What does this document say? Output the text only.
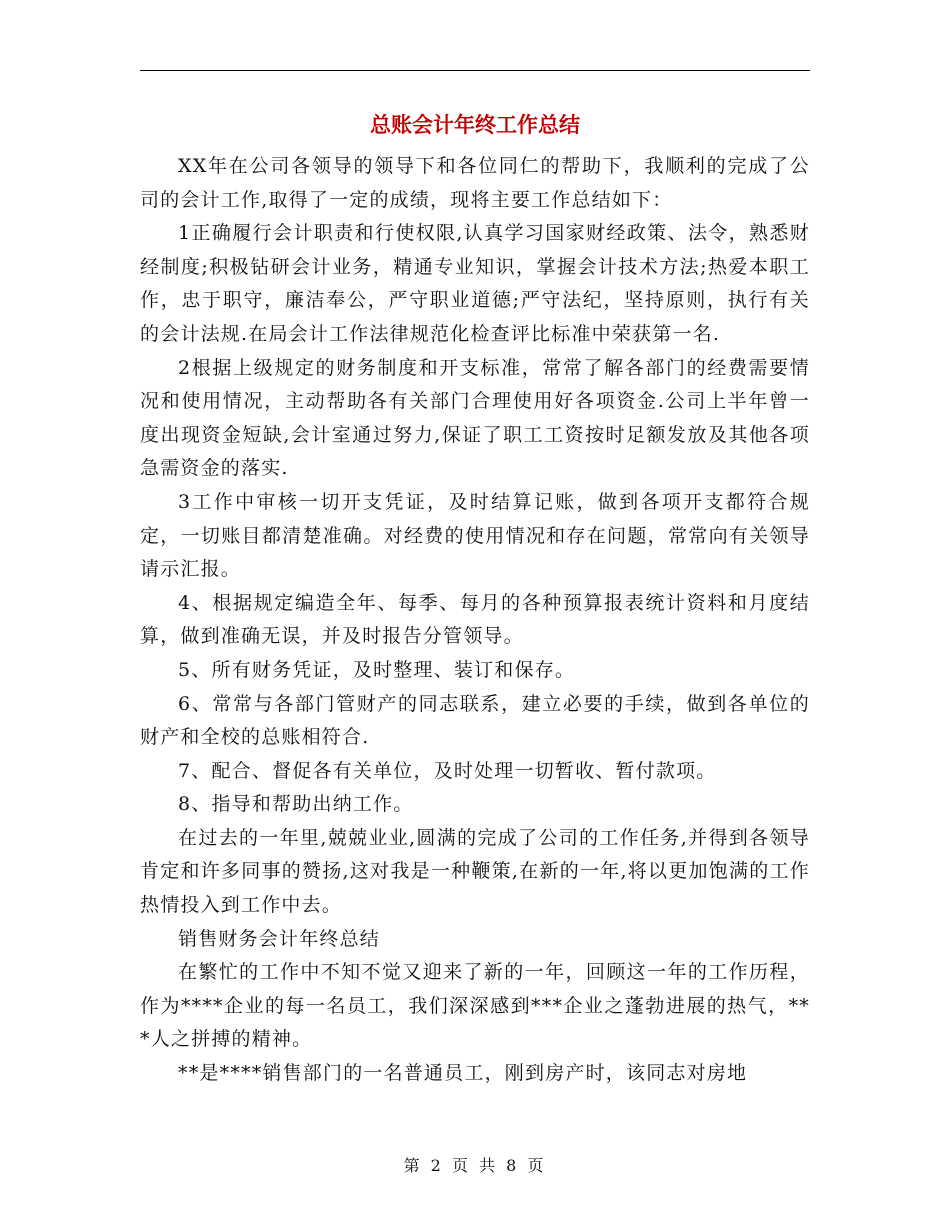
总账会计年终工作总结

XX年在公司各领导的领导下和各位同仁的帮助下，我顺利的完成了公司的会计工作,取得了一定的成绩，现将主要工作总结如下：

1正确履行会计职责和行使权限,认真学习国家财经政策、法令，熟悉财经制度;积极钻研会计业务，精通专业知识，掌握会计技术方法;热爱本职工作，忠于职守，廉洁奉公，严守职业道德;严守法纪，坚持原则，执行有关的会计法规.在局会计工作法律规范化检查评比标准中荣获第一名.

2根据上级规定的财务制度和开支标准，常常了解各部门的经费需要情况和使用情况，主动帮助各有关部门合理使用好各项资金.公司上半年曾一度出现资金短缺,会计室通过努力,保证了职工工资按时足额发放及其他各项急需资金的落实.

3工作中审核一切开支凭证，及时结算记账，做到各项开支都符合规定，一切账目都清楚准确。对经费的使用情况和存在问题，常常向有关领导请示汇报。

4、根据规定编造全年、每季、每月的各种预算报表统计资料和月度结算，做到准确无误，并及时报告分管领导。

5、所有财务凭证，及时整理、装订和保存。

6、常常与各部门管财产的同志联系，建立必要的手续，做到各单位的财产和全校的总账相符合.

7、配合、督促各有关单位，及时处理一切暂收、暂付款项。

8、指导和帮助出纳工作。

在过去的一年里,兢兢业业,圆满的完成了公司的工作任务,并得到各领导肯定和许多同事的赞扬,这对我是一种鞭策,在新的一年,将以更加饱满的工作热情投入到工作中去。

销售财务会计年终总结

在繁忙的工作中不知不觉又迎来了新的一年，回顾这一年的工作历程，作为****企业的每一名员工，我们深深感到***企业之蓬勃进展的热气，***人之拼搏的精神。

**是****销售部门的一名普通员工，刚到房产时，该同志对房地

第 2 页 共 8 页
